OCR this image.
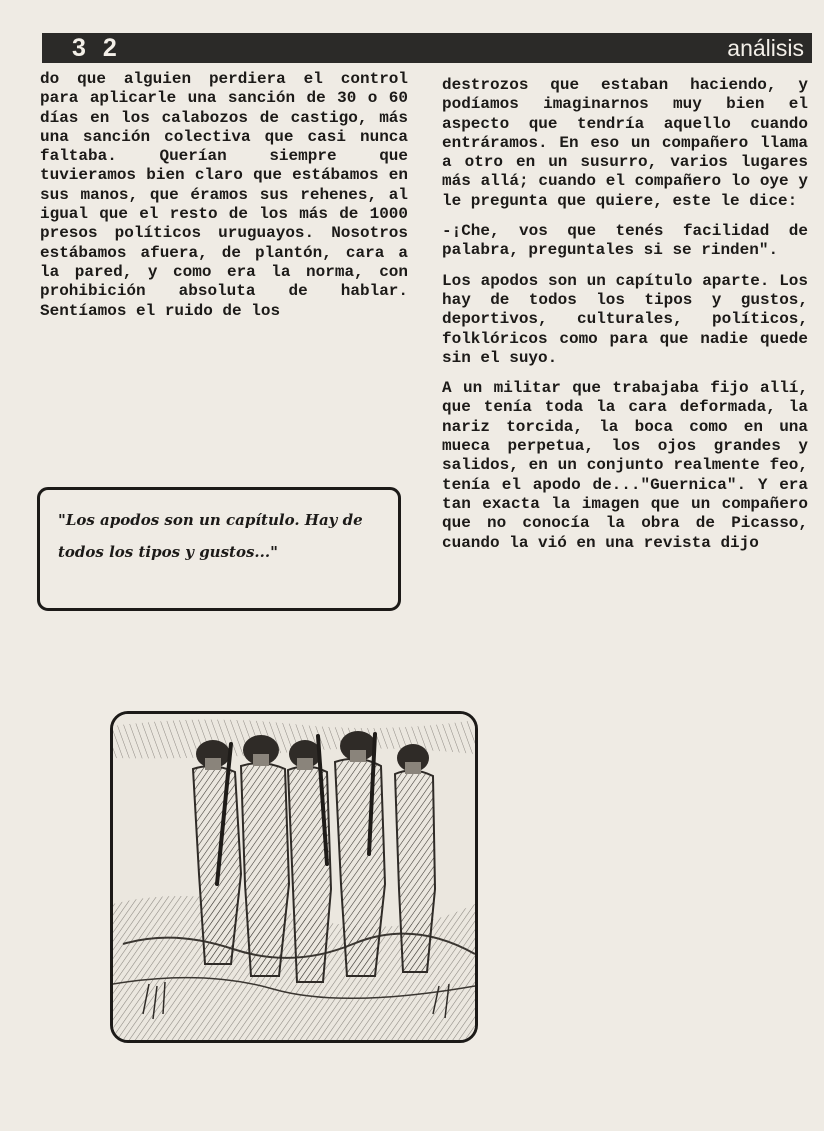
3 2	análisis

do que alguien perdiera el control para aplicarle una sanción de 30 o 60 días en los calabozos de castigo, más una sanción colectiva que casi nunca faltaba. Querían siempre que tuvieramos bien claro que estábamos en sus manos, que éramos sus rehenes, al igual que el resto de los más de 1000 presos políticos uruguayos. Nosotros estábamos afuera, de plantón, cara a la pared, y como era la norma, con prohibición absoluta de hablar. Sentíamos el ruido de los

destrozos que estaban haciendo, y podíamos imaginarnos muy bien el aspecto que tendría aquello cuando entráramos. En eso un compañero llama a otro en un susurro, varios lugares más allá; cuando el compañero lo oye y le pregunta que quiere, este le dice:

-¡Che, vos que tenés facilidad de palabra, preguntales si se rinden".

Los apodos son un capítulo aparte. Los hay de todos los tipos y gustos, deportivos, culturales, políticos, folklóricos como para que nadie quede sin el suyo.

A un militar que trabajaba fijo allí, que tenía toda la cara deformada, la nariz torcida, la boca como en una mueca perpetua, los ojos grandes y salidos, en un conjunto realmente feo, tenía el apodo de..."Guernica". Y era tan exacta la imagen que un compañero que no conocía la obra de Picasso, cuando la vió en una revista dijo

"Los apodos son un capítulo. Hay de todos los tipos y gustos..."
